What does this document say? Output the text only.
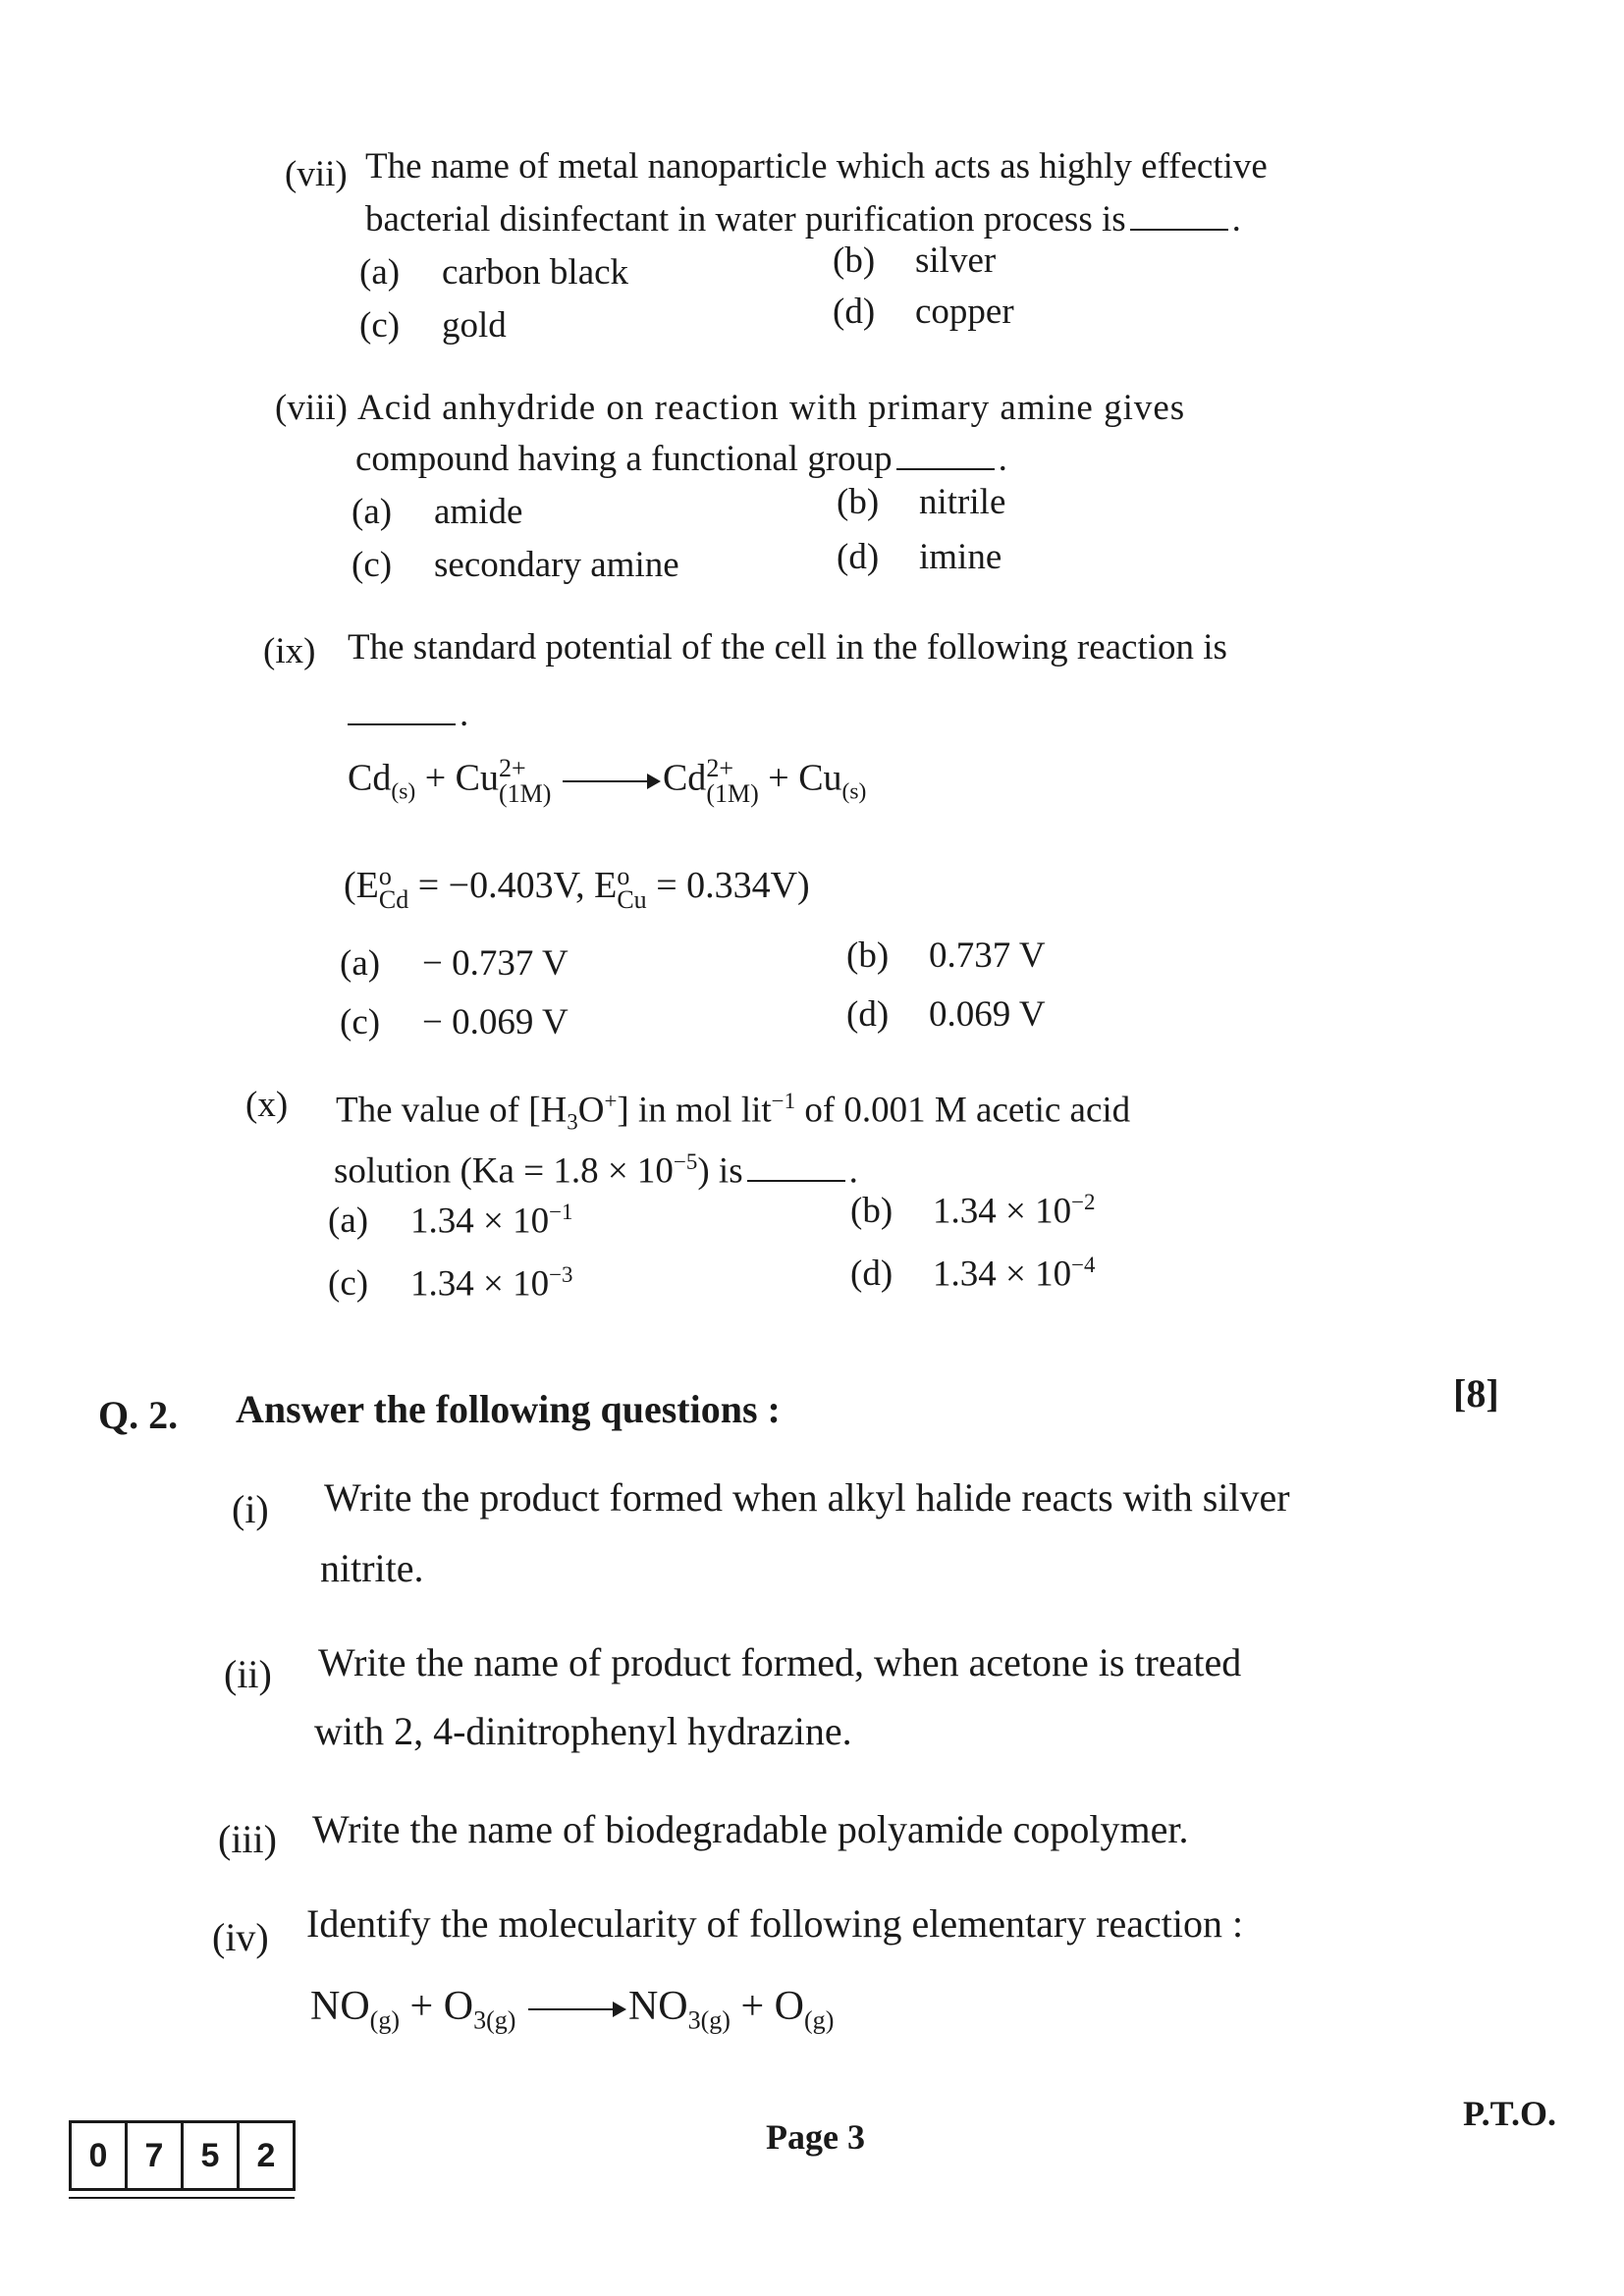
(vii) The name of metal nanoparticle which acts as highly effective
bacterial disinfectant in water purification process is	.
(a) carbon black	(b) silver
(c) gold	(d) copper
(viii) Acid anhydride on reaction with primary amine gives
compound having a functional group	.
(a) amide	(b) nitrile
(c) secondary amine	(d) imine
(ix) The standard potential of the cell in the following reaction is
.
$Cd_{(s)} + Cu$ 2+
(1M)	Cd 2+
$(1M) + Cu_{(s)}$
(E o
Cd = −0.403V, E o
Cu = 0.334V)
(a) − 0.737 V	(b) 0.737 V
(c) − 0.069 V	(d) 0.069 V
(x) The value of $[H_3O^+]$ in mol lit$^{-1}$ of 0.001 M acetic acid
solution $(Ka = 1.8 \times 10^{-5})$ is	.
(a) $1.34 \times 10^{-1}$	(b) $1.34 \times 10^{-2}$
(c) $1.34 \times 10^{-3}$	(d) $1.34 \times 10^{-4}$
Q. 2. Answer the following questions :	[8]
(i) Write the product formed when alkyl halide reacts with silver
nitrite.
(ii) Write the name of product formed, when acetone is treated
with 2, 4-dinitrophenyl hydrazine.
(iii) Write the name of biodegradable polyamide copolymer.
(iv) Identify the molecularity of following elementary reaction :
$NO_{(g)} + O_{3(g)}$	$NO_{3(g)} + O_{(g)}$
0	7	5	2	Page 3
P.T.O.
